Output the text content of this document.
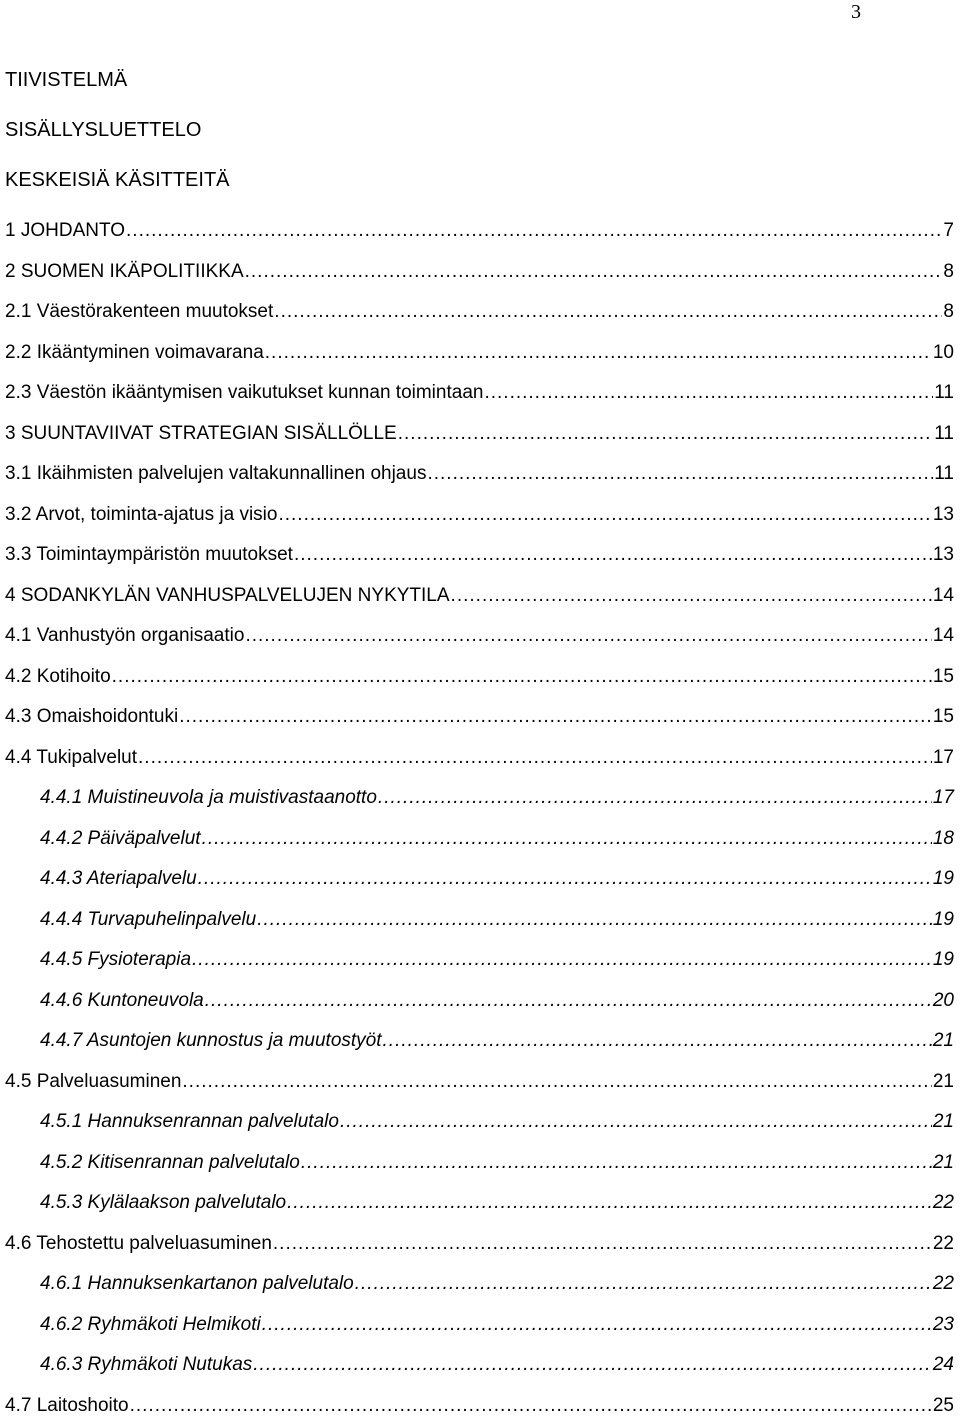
3
TIIVISTELMÄ
SISÄLLYSLUETTELO
KESKEISIÄ KÄSITTEITÄ
1 JOHDANTO .....	7
2 SUOMEN IKÄPOLITIIKKA .....	8
2.1 Väestörakenteen muutokset .....	8
2.2 Ikääntyminen voimavarana .....	10
2.3 Väestön ikääntymisen vaikutukset kunnan toimintaan .....	11
3 SUUNTAVIIVAT STRATEGIAN SISÄLLÖLLE .....	11
3.1 Ikäihmisten palvelujen valtakunnallinen ohjaus .....	11
3.2 Arvot, toiminta-ajatus ja visio .....	13
3.3 Toimintaympäristön muutokset .....	13
4 SODANKYLÄN VANHUSPALVELUJEN NYKYTILA .....	14
4.1 Vanhustyön organisaatio .....	14
4.2 Kotihoito .....	15
4.3 Omaishoidontuki .....	15
4.4 Tukipalvelut .....	17
4.4.1 Muistineuvola ja muistivastaanotto .....	17
4.4.2 Päiväpalvelut .....	18
4.4.3 Ateriapalvelu .....	19
4.4.4 Turvapuhelinpalvelu .....	19
4.4.5 Fysioterapia .....	19
4.4.6 Kuntoneuvola .....	20
4.4.7 Asuntojen kunnostus ja muutostyöt .....	21
4.5 Palveluasuminen .....	21
4.5.1 Hannuksenrannan palvelutalo .....	21
4.5.2 Kitisenrannan palvelutalo .....	21
4.5.3 Kylälaakson palvelutalo .....	22
4.6 Tehostettu palveluasuminen .....	22
4.6.1 Hannuksenkartanon palvelutalo .....	22
4.6.2 Ryhmäkoti Helmikoti .....	23
4.6.3 Ryhmäkoti Nutukas .....	24
4.7 Laitoshoito .....	25
